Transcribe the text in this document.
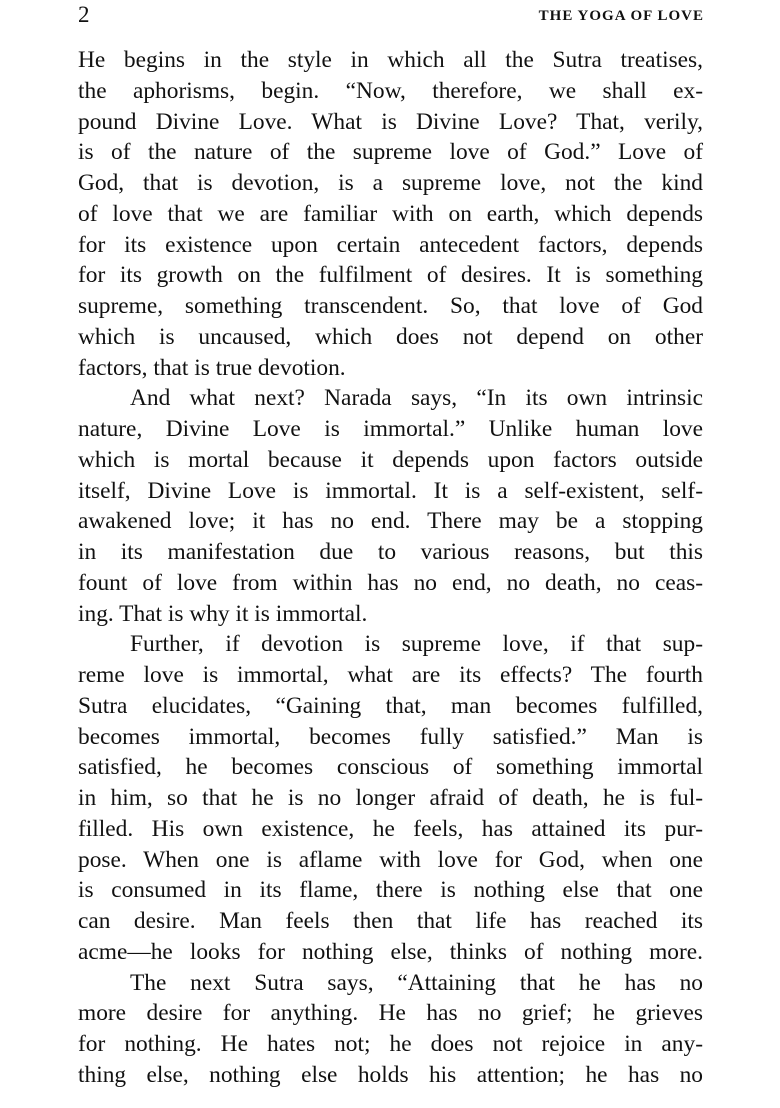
2	THE YOGA OF LOVE
He begins in the style in which all the Sutra treatises,
the aphorisms, begin. “Now, therefore, we shall ex-
pound Divine Love. What is Divine Love? That, verily,
is of the nature of the supreme love of God.” Love of
God, that is devotion, is a supreme love, not the kind
of love that we are familiar with on earth, which depends
for its existence upon certain antecedent factors, depends
for its growth on the fulfilment of desires. It is something
supreme, something transcendent. So, that love of God
which is uncaused, which does not depend on other
factors, that is true devotion.
And what next? Narada says, “In its own intrinsic
nature, Divine Love is immortal.” Unlike human love
which is mortal because it depends upon factors outside
itself, Divine Love is immortal. It is a self-existent, self-
awakened love; it has no end. There may be a stopping
in its manifestation due to various reasons, but this
fount of love from within has no end, no death, no ceas-
ing. That is why it is immortal.
Further, if devotion is supreme love, if that sup-
reme love is immortal, what are its effects? The fourth
Sutra elucidates, “Gaining that, man becomes fulfilled,
becomes immortal, becomes fully satisfied.” Man is
satisfied, he becomes conscious of something immortal
in him, so that he is no longer afraid of death, he is ful-
filled. His own existence, he feels, has attained its pur-
pose. When one is aflame with love for God, when one
is consumed in its flame, there is nothing else that one
can desire. Man feels then that life has reached its
acme—he looks for nothing else, thinks of nothing more.
The next Sutra says, “Attaining that he has no
more desire for anything. He has no grief; he grieves
for nothing. He hates not; he does not rejoice in any-
thing else, nothing else holds his attention; he has no
